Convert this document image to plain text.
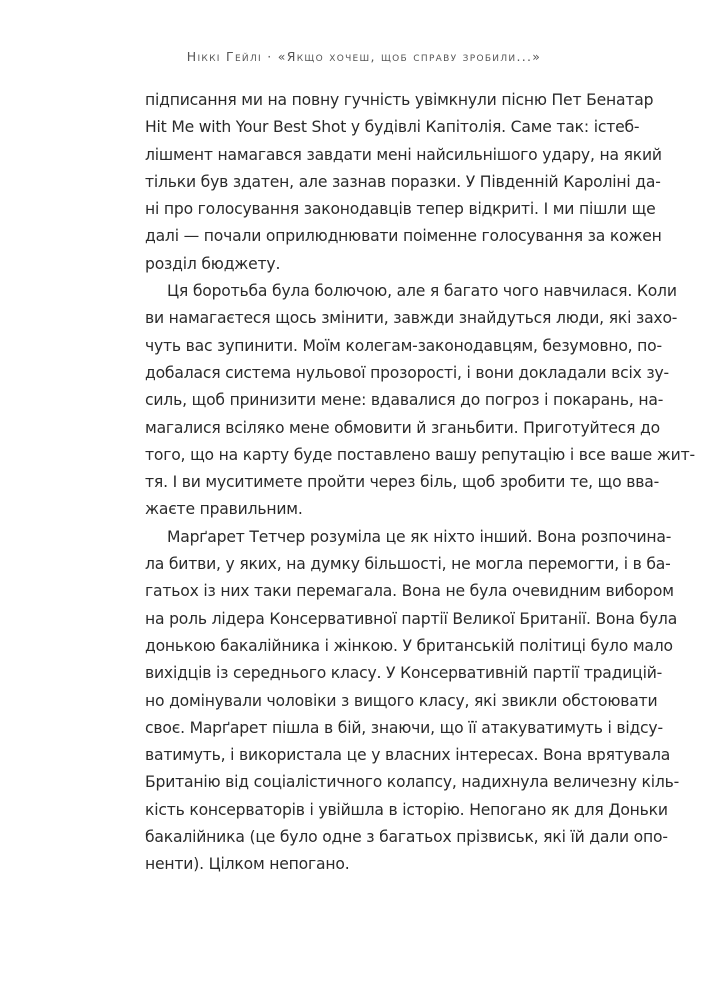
Ніккі Гейлі · «Якщо хочеш, щоб справу зробили...»
підписання ми на повну гучність увімкнули пісню Пет Бенатар
Hit Me with Your Best Shot у будівлі Капітолія. Саме так: істеб-
лішмент намагався завдати мені найсильнішого удару, на який
тільки був здатен, але зазнав поразки. У Південній Кароліні да-
ні про голосування законодавців тепер відкриті. І ми пішли ще
далі — почали оприлюднювати поіменне голосування за кожен
розділ бюджету.
Ця боротьба була болючою, але я багато чого навчилася. Коли
ви намагаєтеся щось змінити, завжди знайдуться люди, які захо-
чуть вас зупинити. Моїм колегам-законодавцям, безумовно, по-
добалася система нульової прозорості, і вони докладали всіх зу-
силь, щоб принизити мене: вдавалися до погроз і покарань, на-
магалися всіляко мене обмовити й зганьбити. Приготуйтеся до
того, що на карту буде поставлено вашу репутацію і все ваше жит-
тя. І ви муситимете пройти через біль, щоб зробити те, що вва-
жаєте правильним.
Марґарет Тетчер розуміла це як ніхто інший. Вона розпочина-
ла битви, у яких, на думку більшості, не могла перемогти, і в ба-
гатьох із них таки перемагала. Вона не була очевидним вибором
на роль лідера Консервативної партії Великої Британії. Вона була
донькою бакалійника і жінкою. У британській політиці було мало
вихідців із середнього класу. У Консервативній партії традицій-
но домінували чоловіки з вищого класу, які звикли обстоювати
своє. Марґарет пішла в бій, знаючи, що її атакуватимуть і відсу-
ватимуть, і використала це у власних інтересах. Вона врятувала
Британію від соціалістичного колапсу, надихнула величезну кіль-
кість консерваторів і увійшла в історію. Непогано як для Доньки
бакалійника (це було одне з багатьох прізвиськ, які їй дали опо-
ненти). Цілком непогано.
